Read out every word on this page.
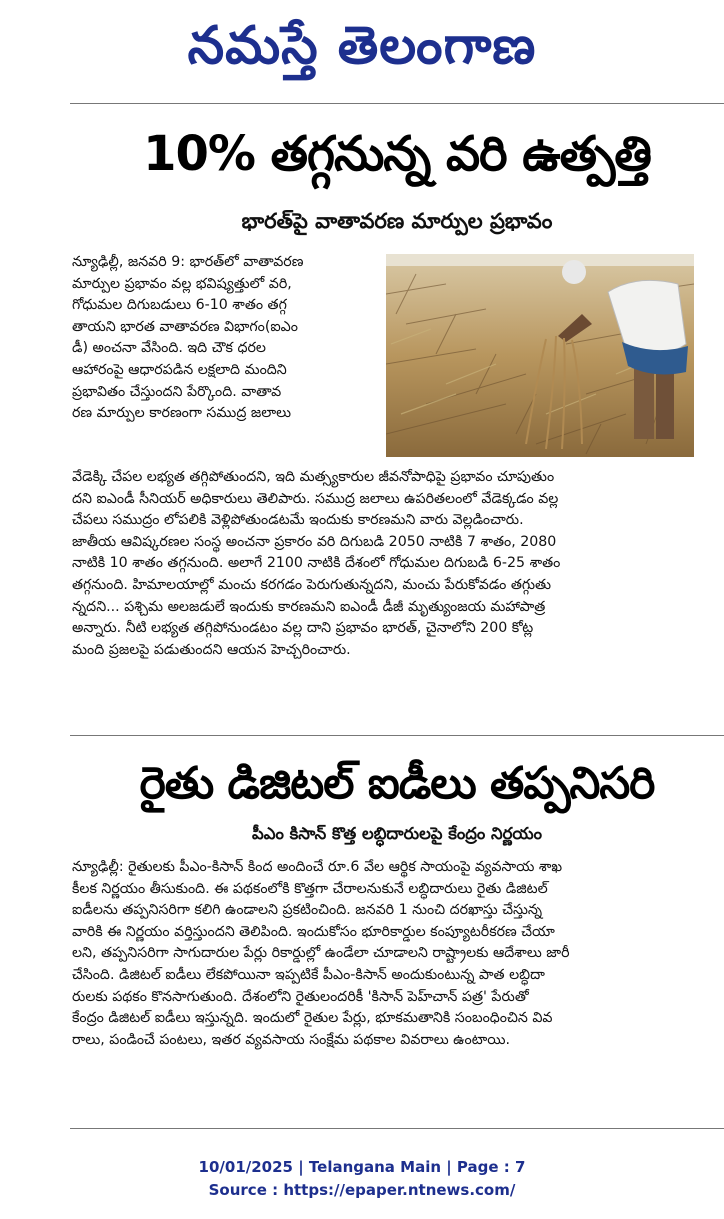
నమస్తే తెలంగాణ
10% తగ్గనున్న వరి ఉత్పత్తి
భారత్‌పై వాతావరణ మార్పుల ప్రభావం
న్యూఢిల్లీ, జనవరి 9: భారత్‌లో వాతావరణ
మార్పుల ప్రభావం వల్ల భవిష్యత్తులో వరి,
గోధుమల దిగుబడులు 6-10 శాతం తగ్గ
తాయని భారత వాతావరణ విభాగం(ఐఎం
డీ) అంచనా వేసింది. ఇది చౌక ధరల
ఆహారంపై ఆధారపడిన లక్షలాది మందిని
ప్రభావితం చేస్తుందని పేర్కొంది. వాతావ
రణ మార్పుల కారణంగా సముద్ర జలాలు
వేడెక్కి చేపల లభ్యత తగ్గిపోతుందని, ఇది మత్స్యకారుల జీవనోపాధిపై ప్రభావం చూపుతుం
దని ఐఎండీ సీనియర్ అధికారులు తెలిపారు. సముద్ర జలాలు ఉపరితలంలో వేడెక్కడం వల్ల
చేపలు సముద్రం లోపలికి వెళ్లిపోతుండటమే ఇందుకు కారణమని వారు వెల్లడించారు.
జాతీయ ఆవిష్కరణల సంస్థ అంచనా ప్రకారం వరి దిగుబడి 2050 నాటికి 7 శాతం, 2080
నాటికి 10 శాతం తగ్గనుంది. అలాగే 2100 నాటికి దేశంలో గోధుమల దిగుబడి 6-25 శాతం
తగ్గనుంది. హిమాలయాల్లో మంచు కరగడం పెరుగుతున్నదని, మంచు పేరుకోవడం తగ్గుతు
న్నదని... పశ్చిమ అలజడులే ఇందుకు కారణమని ఐఎండీ డీజీ మృత్యుంజయ మహాపాత్ర
అన్నారు. నీటి లభ్యత తగ్గిపోనుండటం వల్ల దాని ప్రభావం భారత్, చైనాలోని 200 కోట్ల
మంది ప్రజలపై పడుతుందని ఆయన హెచ్చరించారు.
రైతు డిజిటల్ ఐడీలు తప్పనిసరి
పీఎం కిసాన్ కొత్త లబ్ధిదారులపై కేంద్రం నిర్ణయం
న్యూఢిల్లీ: రైతులకు పీఎం-కిసాన్ కింద అందించే రూ.6 వేల ఆర్థిక సాయంపై వ్యవసాయ శాఖ
కీలక నిర్ణయం తీసుకుంది. ఈ పథకంలోకి కొత్తగా చేరాలనుకునే లబ్ధిదారులు రైతు డిజిటల్
ఐడీలను తప్పనిసరిగా కలిగి ఉండాలని ప్రకటించింది. జనవరి 1 నుంచి దరఖాస్తు చేస్తున్న
వారికి ఈ నిర్ణయం వర్తిస్తుందని తెలిపింది. ఇందుకోసం భూరికార్డుల కంప్యూటరీకరణ చేయా
లని, తప్పనిసరిగా సాగుదారుల పేర్లు రికార్డుల్లో ఉండేలా చూడాలని రాష్ట్రాలకు ఆదేశాలు జారీ
చేసింది. డిజిటల్ ఐడీలు లేకపోయినా ఇప్పటికే పీఎం-కిసాన్ అందుకుంటున్న పాత లబ్ధిదా
రులకు పథకం కొనసాగుతుంది. దేశంలోని రైతులందరికీ 'కిసాన్ పెహ్‌చాన్ పత్ర' పేరుతో
కేంద్రం డిజిటల్ ఐడీలు ఇస్తున్నది. ఇందులో రైతుల పేర్లు, భూకమతానికి సంబంధించిన వివ
రాలు, పండించే పంటలు, ఇతర వ్యవసాయ సంక్షేమ పథకాల వివరాలు ఉంటాయి.
10/01/2025 | Telangana Main | Page : 7
Source : https://epaper.ntnews.com/
